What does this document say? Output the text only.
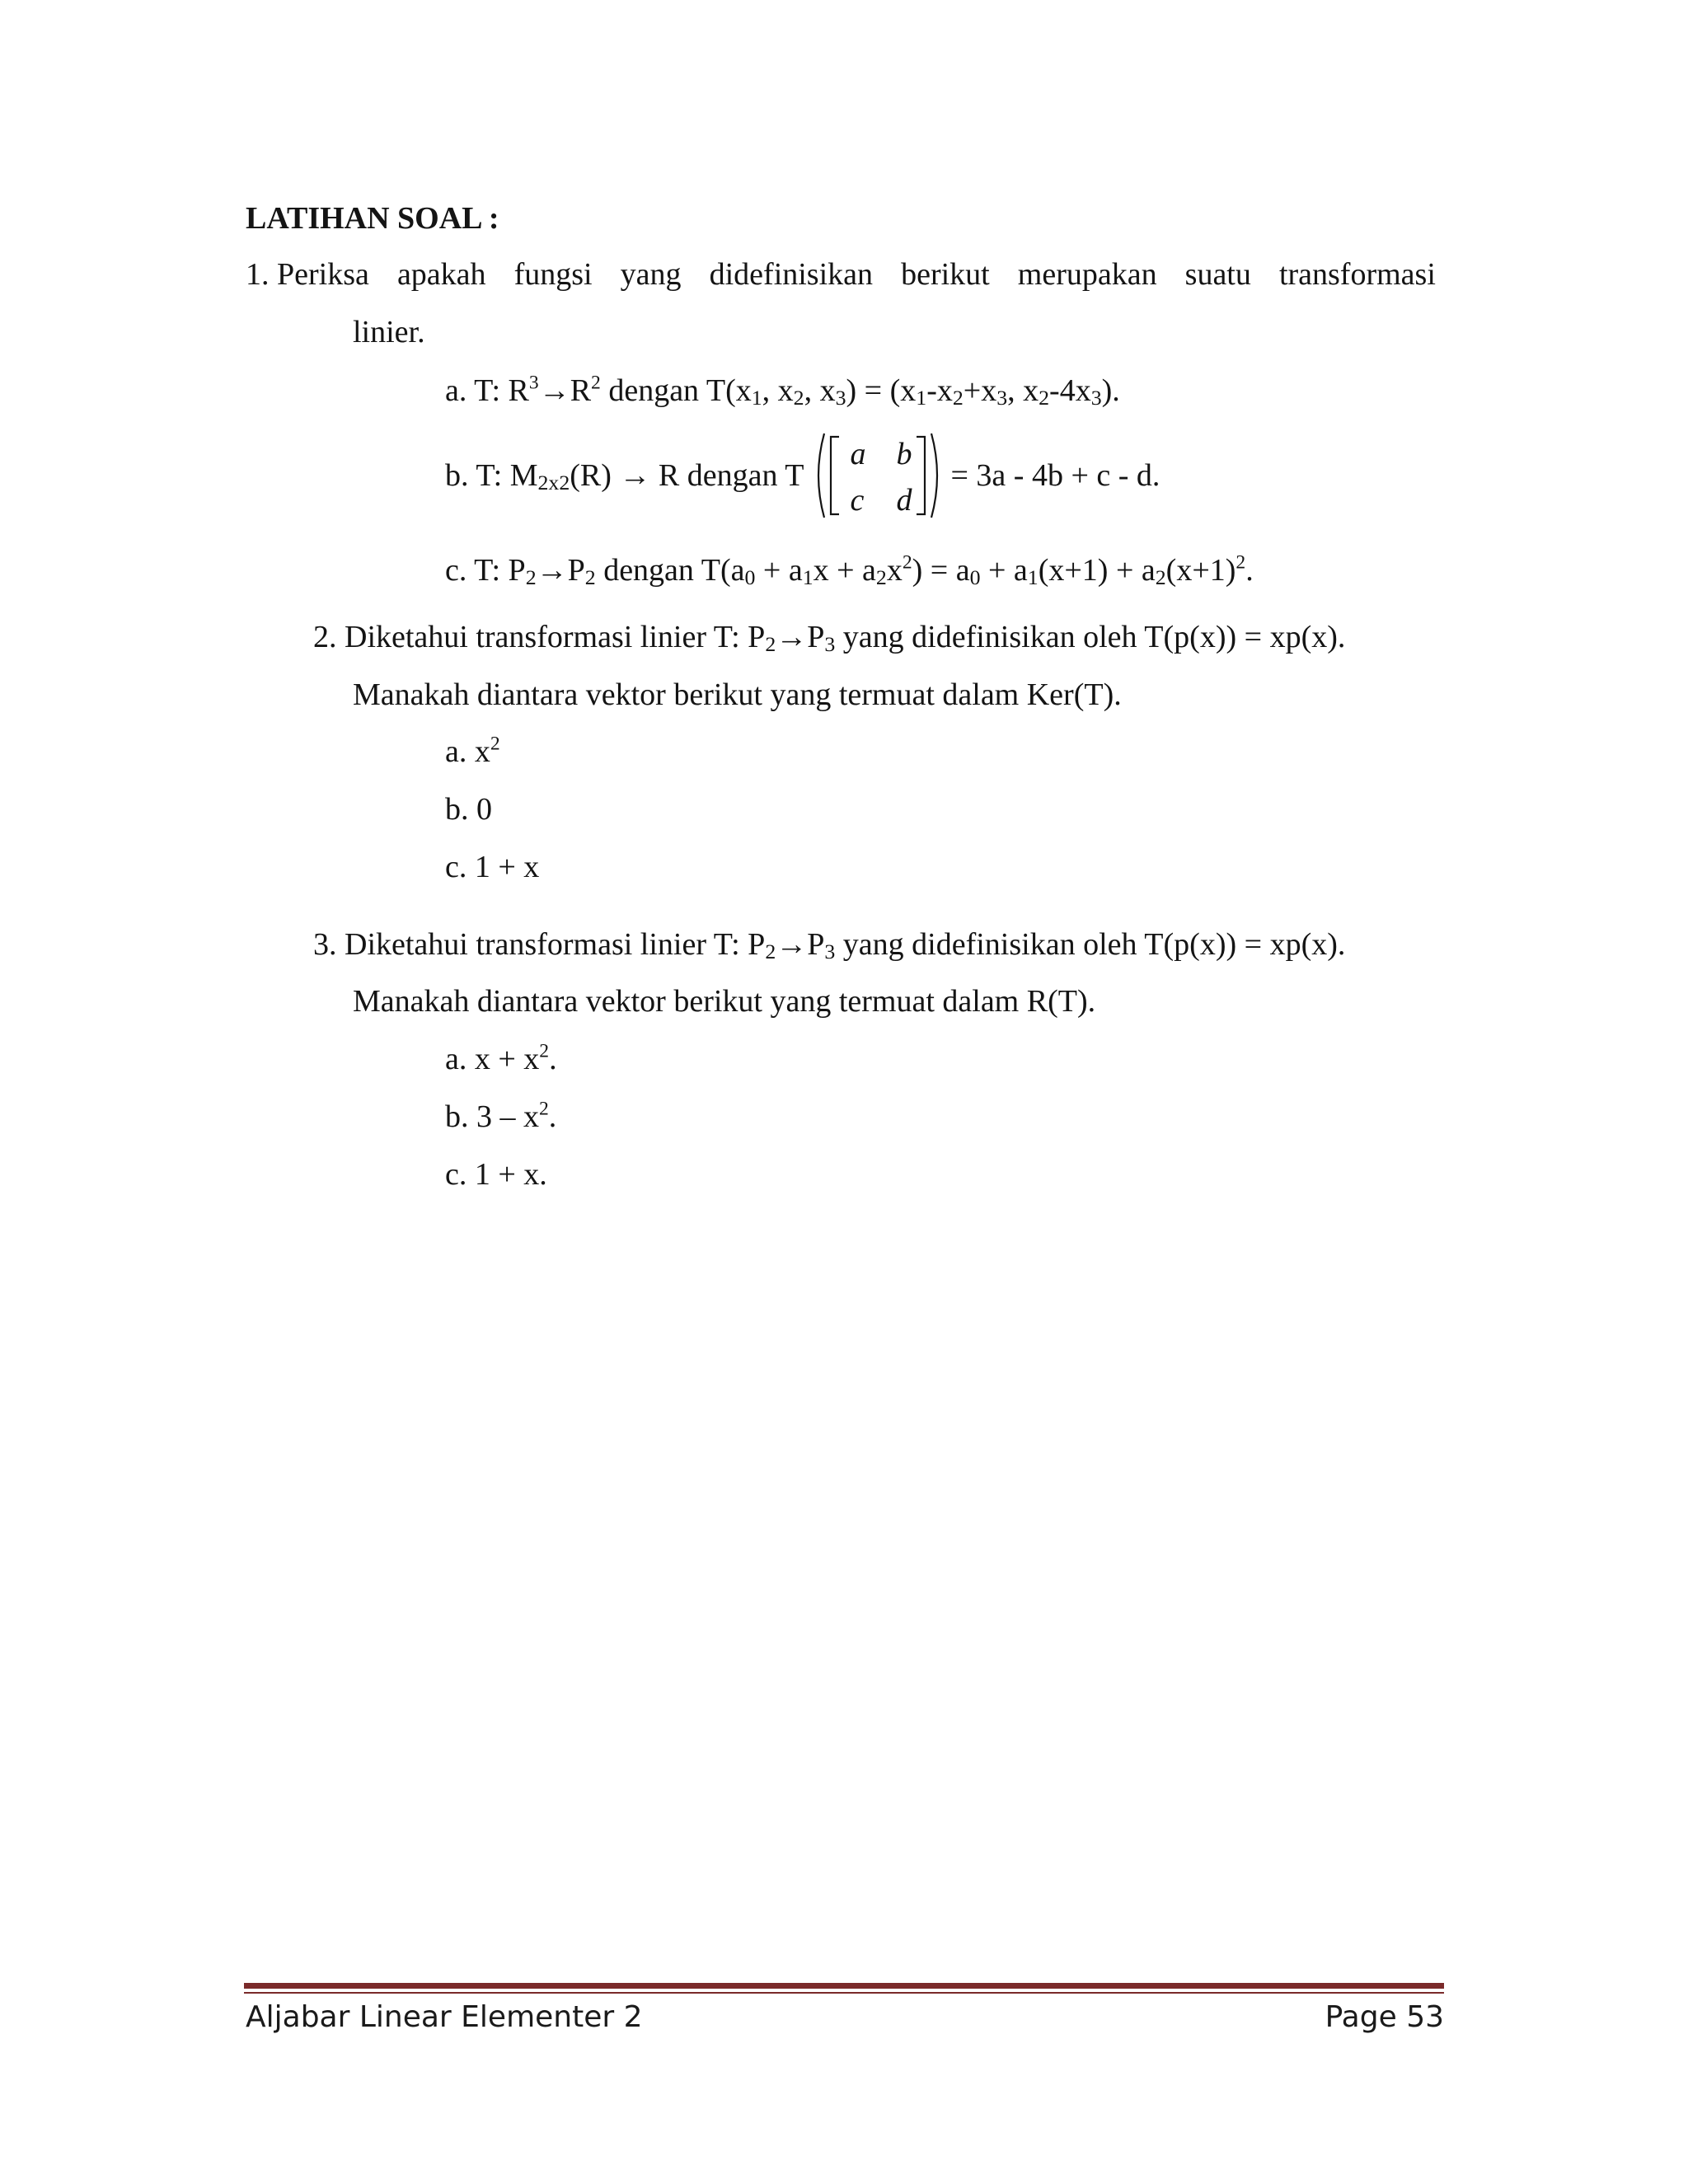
LATIHAN SOAL :
1. Periksa apakah fungsi yang didefinisikan berikut merupakan suatu transformasi
linier.
a. T: $R^3\to R^2$ dengan $T(x_1$, $x_2$, $x_3) = (x_1-x_2+x_3$, $x_2-4x_3$).
b. T: $M_{2x2}(R) \to R$ dengan T
a b
c d
= 3a - 4b + c - d.
c. T: $P_2\to P_2$ dengan $T(a_0 + a_1x + a_2x^2) = a_0 + a_1(x+1) + a_2(x+1)^2$.
2. Diketahui transformasi linier T: $P_2\to P_3$ yang didefinisikan oleh T(p(x)) = xp(x).
Manakah diantara vektor berikut yang termuat dalam Ker(T).
a. $x^2$
b. 0
c. 1 + x
3. Diketahui transformasi linier T: $P_2\to P_3$ yang didefinisikan oleh T(p(x)) = xp(x).
Manakah diantara vektor berikut yang termuat dalam R(T).
a. $x + x^2$.
b. $3 - x^2$.
c. 1 + x.
Aljabar Linear Elementer 2	Page 53
